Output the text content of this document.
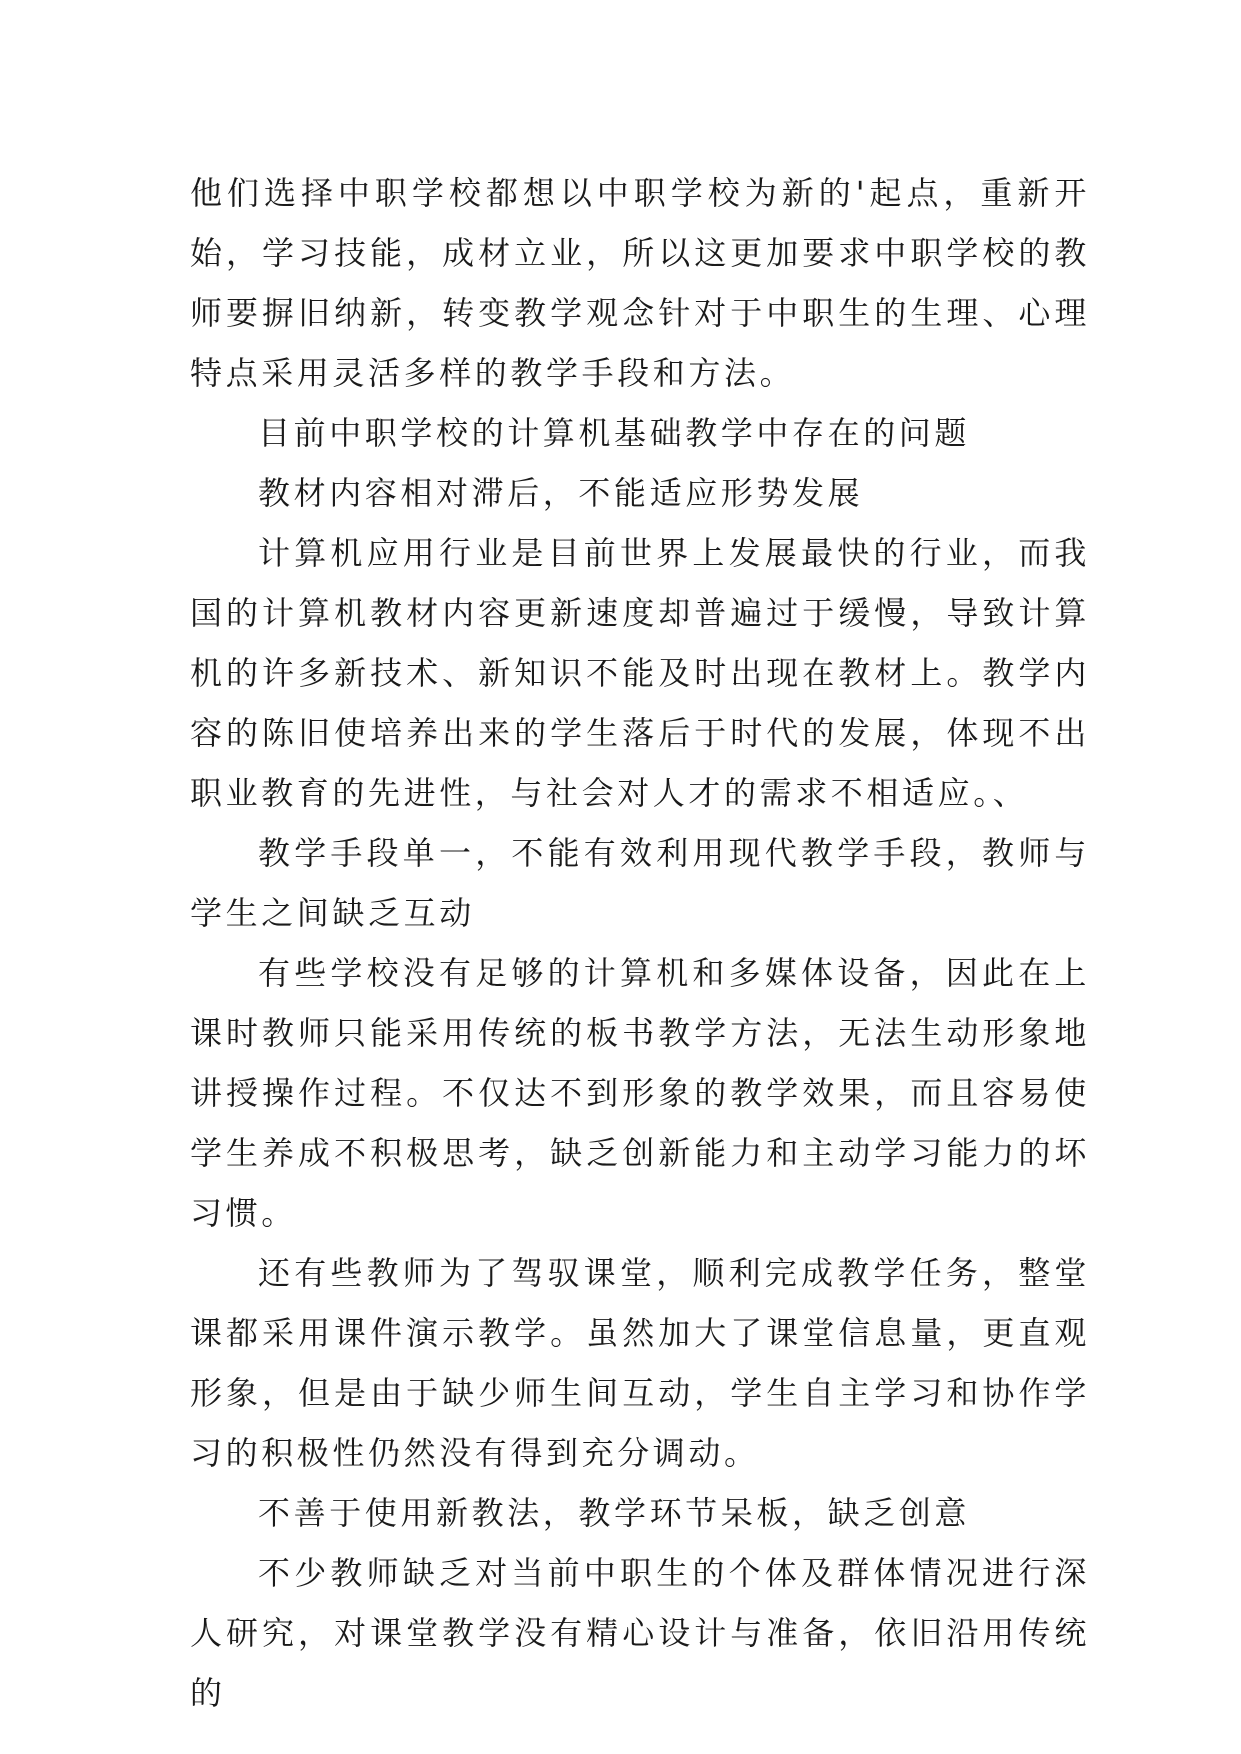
他们选择中职学校都想以中职学校为新的'起点，重新开始，学习技能，成材立业，所以这更加要求中职学校的教师要摒旧纳新，转变教学观念针对于中职生的生理、心理特点采用灵活多样的教学手段和方法。

目前中职学校的计算机基础教学中存在的问题

教材内容相对滞后，不能适应形势发展

计算机应用行业是目前世界上发展最快的行业，而我国的计算机教材内容更新速度却普遍过于缓慢，导致计算机的许多新技术、新知识不能及时出现在教材上。教学内容的陈旧使培养出来的学生落后于时代的发展，体现不出职业教育的先进性，与社会对人才的需求不相适应。、

教学手段单一，不能有效利用现代教学手段，教师与学生之间缺乏互动

有些学校没有足够的计算机和多媒体设备，因此在上课时教师只能采用传统的板书教学方法，无法生动形象地讲授操作过程。不仅达不到形象的教学效果，而且容易使学生养成不积极思考，缺乏创新能力和主动学习能力的坏习惯。

还有些教师为了驾驭课堂，顺利完成教学任务，整堂课都采用课件演示教学。虽然加大了课堂信息量，更直观形象，但是由于缺少师生间互动，学生自主学习和协作学习的积极性仍然没有得到充分调动。

不善于使用新教法，教学环节呆板，缺乏创意

不少教师缺乏对当前中职生的个体及群体情况进行深人研究，对课堂教学没有精心设计与准备，依旧沿用传统的
